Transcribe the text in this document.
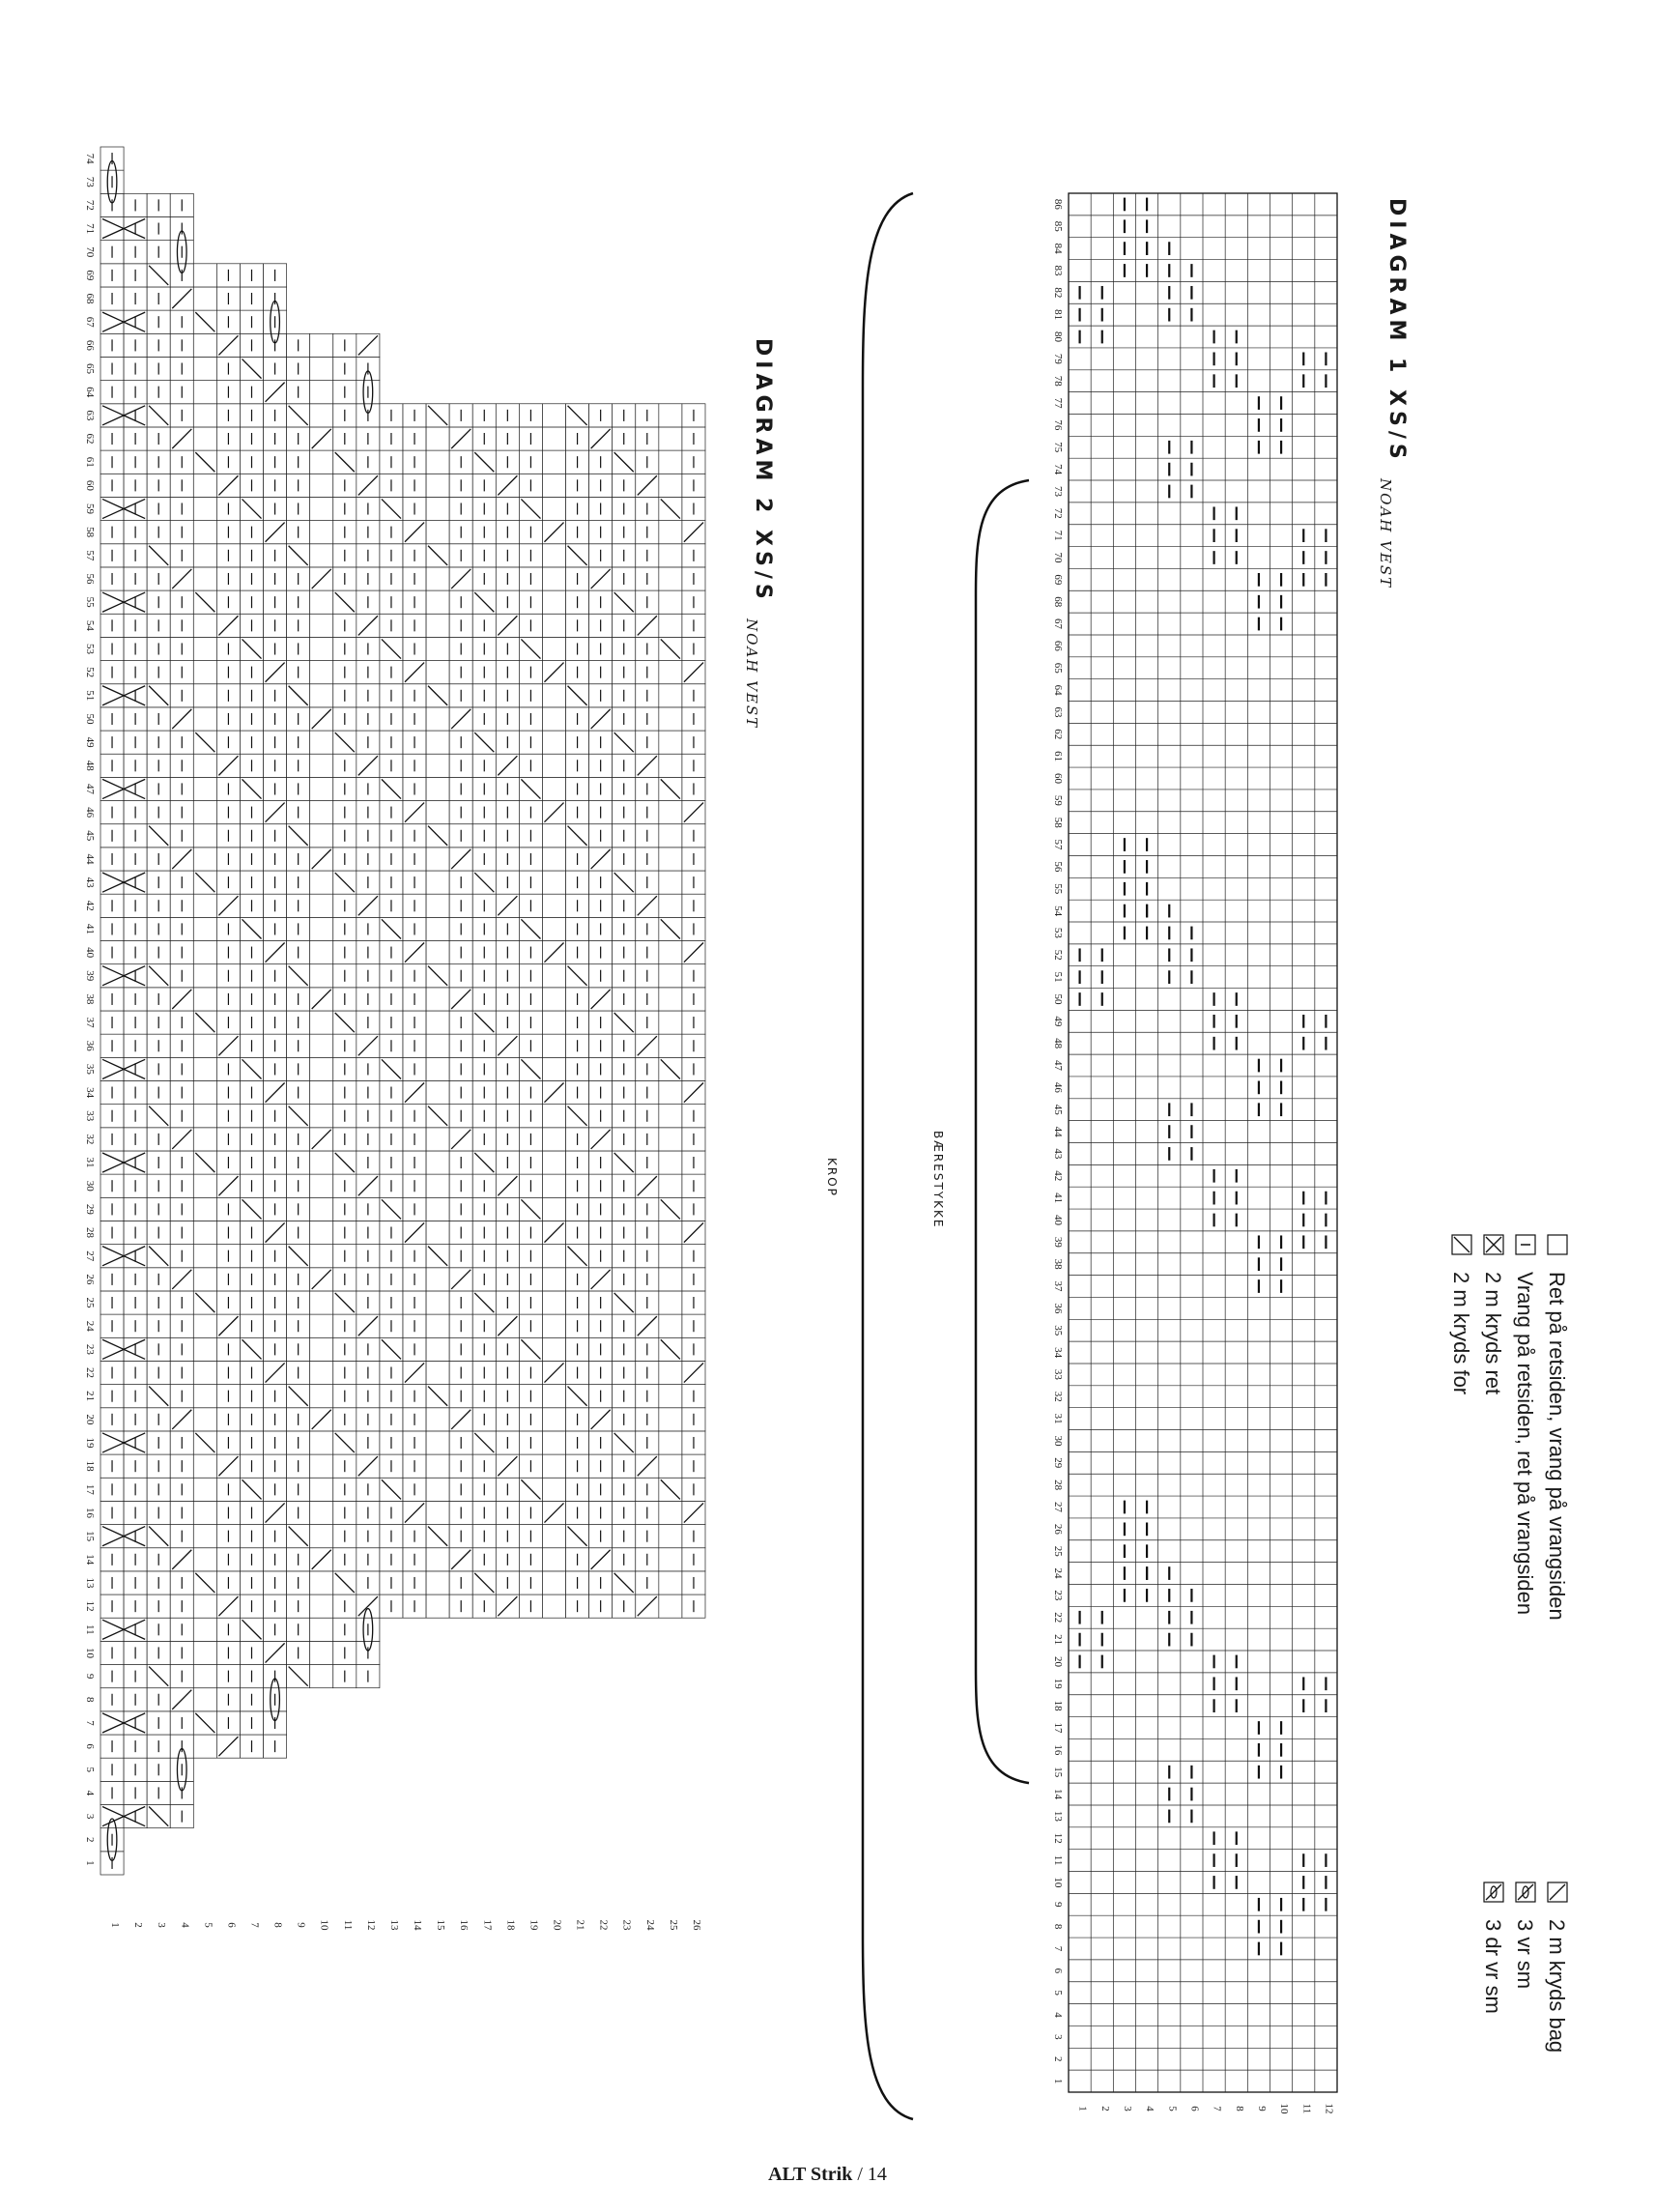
Ret på retsiden, vrang på vrangsiden
Vrang på retsiden, ret på vrangsiden
2 m kryds ret
2 m kryds for
2 m kryds bag
3 vr sm
3 dr vr sm
DIAGRAM 1 XS/S
NOAH VEST
DIAGRAM 2 XS/S
NOAH VEST
BÆRESTYKKE
KROP
1
2
3
4
5
6
7
8
9
10
11
12
13
14
15
16
17
18
19
20
21
22
23
24
25
26
27
28
29
30
31
32
33
34
35
36
37
38
39
40
41
42
43
44
45
46
47
48
49
50
51
52
53
54
55
56
57
58
59
60
61
62
63
64
65
66
67
68
69
70
71
72
73
74
75
76
77
78
79
80
81
82
83
84
85
86
1 2 3 4 5 6 7 8 9 10 11 12
1
2
3
4
5
6
7
8
9
10
11
12
13
14
15
16
17
18
19
20
21
22
23
24
25
26
27
28
29
30
31
32
33
34
35
36
37
38
39
40
41
42
43
44
45
46
47
48
49
50
51
52
53
54
55
56
57
58
59
60
61
62
63
64
65
66
67
68
69
70
71
72
73
74
1 2 3 4 5 6 7 8 9 10 11 12 13 14 15 16 17 18 19 20 21 22 23 24 25 26
ALT Strik / 14
